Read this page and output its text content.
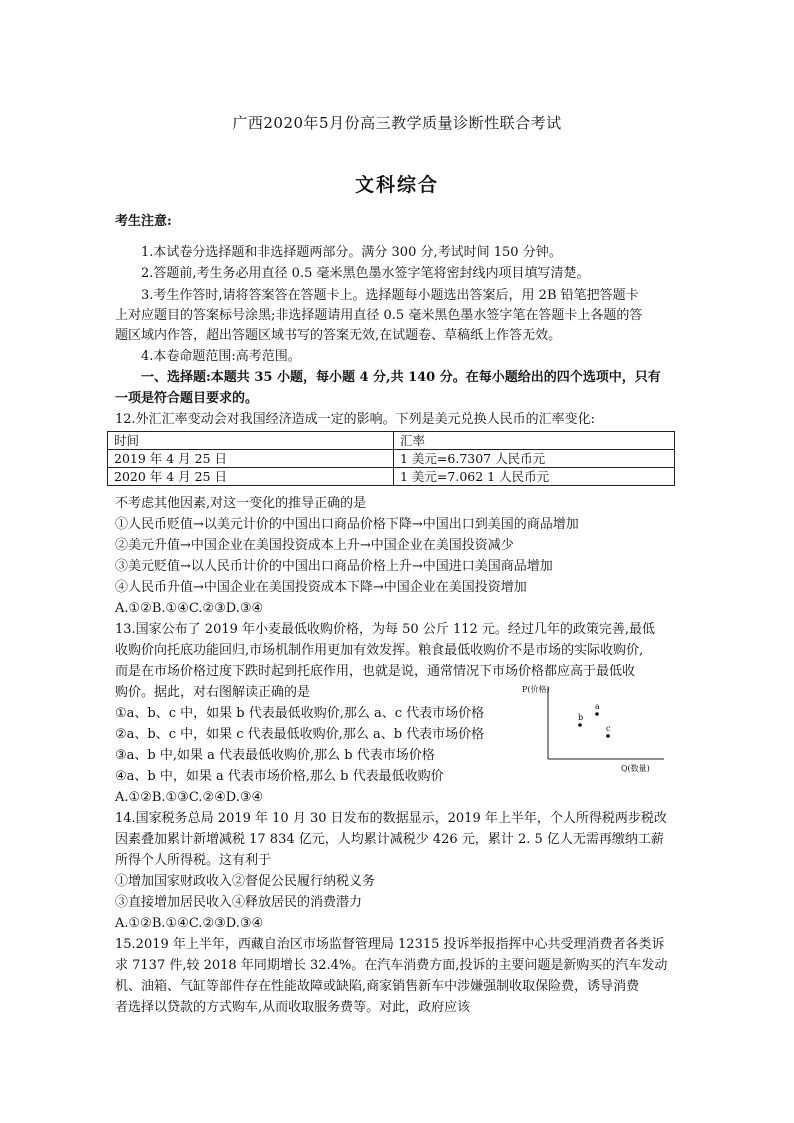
广西2020年5月份高三教学质量诊断性联合考试
文科综合
考生注意:
1.本试卷分选择题和非选择题两部分。满分 300 分,考试时间 150 分钟。
2.答题前,考生务必用直径 0.5 毫米黑色墨水签字笔将密封线内项目填写清楚。
3.考生作答时,请将答案答在答题卡上。选择题每小题选出答案后，用 2B 铅笔把答题卡
上对应题目的答案标号涂黑;非选择题请用直径 0.5 毫米黑色墨水签字笔在答题卡上各题的答
题区域内作答，超出答题区域书写的答案无效,在试题卷、草稿纸上作答无效。
4.本卷命题范围:高考范围。
一、选择题:本题共 35 小题，每小题 4 分,共 140 分。在每小题给出的四个选项中，只有
一项是符合题目要求的。
12.外汇汇率变动会对我国经济造成一定的影响。下列是美元兑换人民币的汇率变化:
时间	汇率
2019 年 4 月 25 日	1 美元=6.7307 人民币元
2020 年 4 月 25 日	1 美元=7.062 1 人民币元
不考虑其他因素,对这一变化的推导正确的是
①人民币贬值→以美元计价的中国出口商品价格下降→中国出口到美国的商品增加
②美元升值→中国企业在美国投资成本上升→中国企业在美国投资减少
③美元贬值→以人民币计价的中国出口商品价格上升→中国进口美国商品增加
④人民币升值→中国企业在美国投资成本下降→中国企业在美国投资增加
A.①②B.①④C.②③D.③④
13.国家公布了 2019 年小麦最低收购价格，为每 50 公斤 112 元。经过几年的政策完善,最低
收购价向托底功能回归,市场机制作用更加有效发挥。粮食最低收购价不是市场的实际收购价,
而是在市场价格过度下跌时起到托底作用，也就是说，通常情况下市场价格都应高于最低收
购价。据此，对右图解读正确的是
①a、b、c 中，如果 b 代表最低收购价,那么 a、c 代表市场价格
②a、b、c 中，如果 c 代表最低收购价,那么 a、b 代表市场价格
③a、b 中,如果 a 代表最低收购价,那么 b 代表市场价格
④a、b 中，如果 a 代表市场价格,那么 b 代表最低收购价
A.①②B.①③C.②④D.③④
P(价格)
Q(数量)
a
b
c
14.国家税务总局 2019 年 10 月 30 日发布的数据显示，2019 年上半年，个人所得税两步税改
因素叠加累计新增减税 17 834 亿元，人均累计减税少 426 元，累计 2. 5 亿人无需再缴纳工薪
所得个人所得税。这有利于
①增加国家财政收入②督促公民履行纳税义务
③直接增加居民收入④释放居民的消费潜力
A.①②B.①④C.②③D.③④
15.2019 年上半年，西藏自治区市场监督管理局 12315 投诉举报指挥中心共受理消费者各类诉
求 7137 件,较 2018 年同期增长 32.4%。在汽车消费方面,投诉的主要问题是新购买的汽车发动
机、油箱、气缸等部件存在性能故障或缺陷,商家销售新车中涉嫌强制收取保险费，诱导消费
者选择以贷款的方式购车,从而收取服务费等。对此，政府应该
